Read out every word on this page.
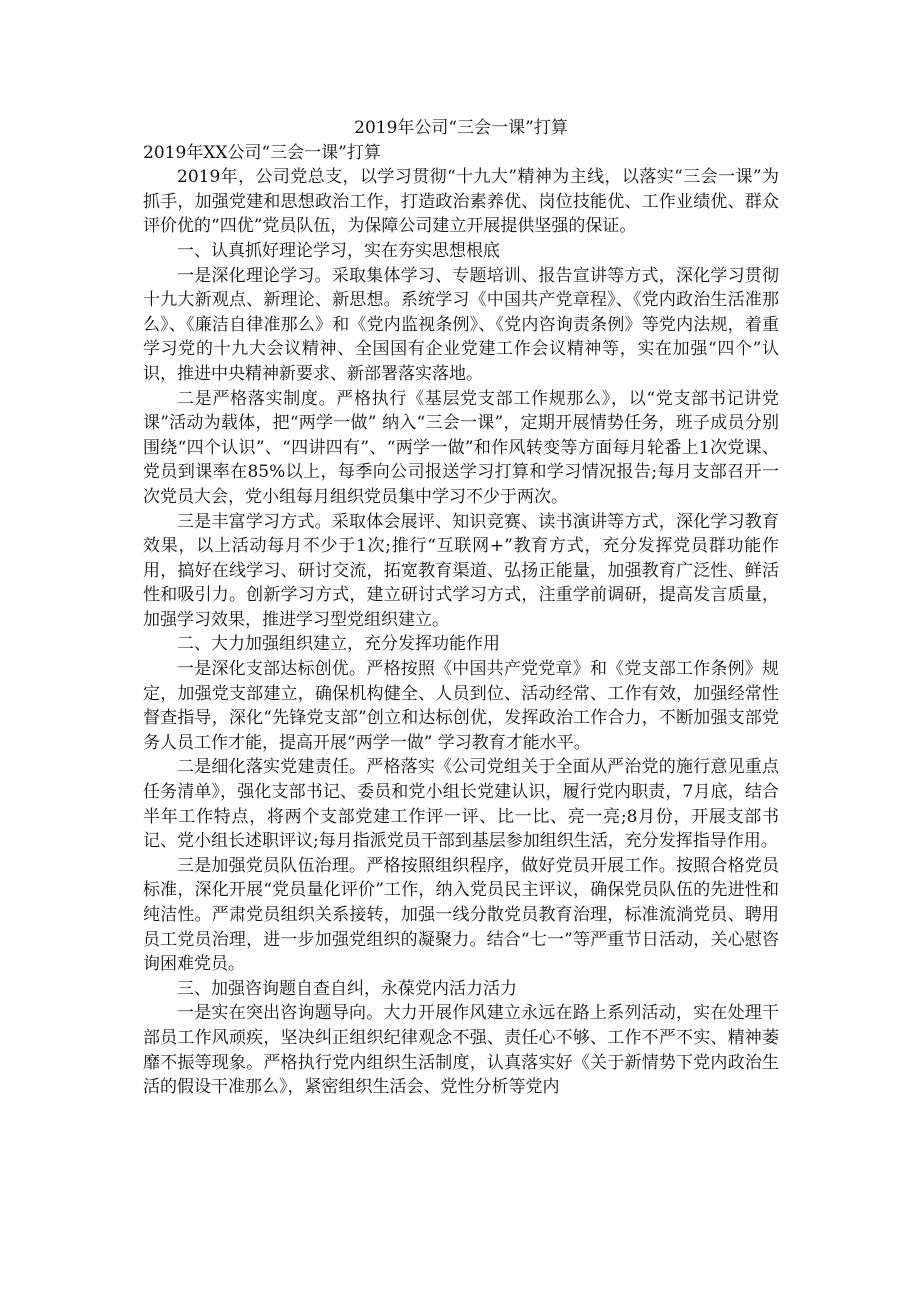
2019年公司“三会一课”打算

2019年XX公司“三会一课”打算

2019年，公司党总支，以学习贯彻“十九大”精神为主线，以落实“三会一课”为抓手，加强党建和思想政治工作，打造政治素养优、岗位技能优、工作业绩优、群众评价优的“四优”党员队伍，为保障公司建立开展提供坚强的保证。

一、认真抓好理论学习，实在夯实思想根底

一是深化理论学习。采取集体学习、专题培训、报告宣讲等方式，深化学习贯彻十九大新观点、新理论、新思想。系统学习《中国共产党章程》、《党内政治生活准那么》、《廉洁自律准那么》和《党内监视条例》、《党内咨询责条例》等党内法规，着重学习党的十九大会议精神、全国国有企业党建工作会议精神等，实在加强“四个”认识，推进中央精神新要求、新部署落实落地。

二是严格落实制度。严格执行《基层党支部工作规那么》，以“党支部书记讲党课”活动为载体，把“两学一做” 纳入“三会一课”，定期开展情势任务，班子成员分别围绕“四个认识”、“四讲四有”、“两学一做”和作风转变等方面每月轮番上1次党课、党员到课率在85%以上，每季向公司报送学习打算和学习情况报告;每月支部召开一次党员大会，党小组每月组织党员集中学习不少于两次。

三是丰富学习方式。采取体会展评、知识竞赛、读书演讲等方式，深化学习教育效果，以上活动每月不少于1次;推行“互联网+”教育方式，充分发挥党员群功能作用，搞好在线学习、研讨交流，拓宽教育渠道、弘扬正能量，加强教育广泛性、鲜活性和吸引力。创新学习方式，建立研讨式学习方式，注重学前调研，提高发言质量，加强学习效果，推进学习型党组织建立。

二、大力加强组织建立，充分发挥功能作用

一是深化支部达标创优。严格按照《中国共产党党章》和《党支部工作条例》规定，加强党支部建立，确保机构健全、人员到位、活动经常、工作有效，加强经常性督查指导，深化“先锋党支部”创立和达标创优，发挥政治工作合力，不断加强支部党务人员工作才能，提高开展“两学一做” 学习教育才能水平。

二是细化落实党建责任。严格落实《公司党组关于全面从严治党的施行意见重点任务清单》，强化支部书记、委员和党小组长党建认识，履行党内职责，7月底，结合半年工作特点，将两个支部党建工作评一评、比一比、亮一亮;8月份，开展支部书记、党小组长述职评议;每月指派党员干部到基层参加组织生活，充分发挥指导作用。

三是加强党员队伍治理。严格按照组织程序，做好党员开展工作。按照合格党员标准，深化开展“党员量化评价”工作，纳入党员民主评议，确保党员队伍的先进性和纯洁性。严肃党员组织关系接转，加强一线分散党员教育治理，标准流淌党员、聘用员工党员治理，进一步加强党组织的凝聚力。结合“七一”等严重节日活动，关心慰咨询困难党员。

三、加强咨询题自查自纠，永葆党内活力活力

一是实在突出咨询题导向。大力开展作风建立永远在路上系列活动，实在处理干部员工作风顽疾，坚决纠正组织纪律观念不强、责任心不够、工作不严不实、精神萎靡不振等现象。严格执行党内组织生活制度，认真落实好《关于新情势下党内政治生活的假设干准那么》，紧密组织生活会、党性分析等党内
